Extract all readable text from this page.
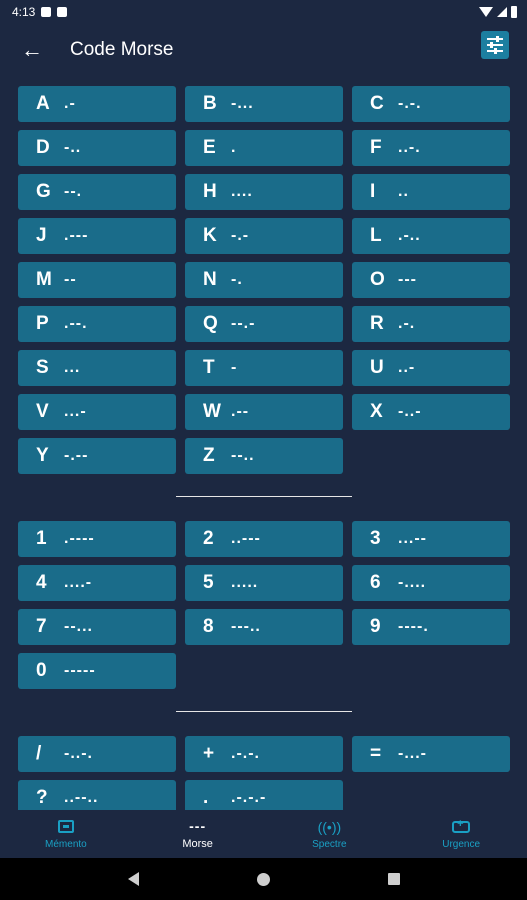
4:13
←	Code Morse
A .-	B -...	C -.-.
D -..	E .	F	..-.
G --.	H ....	I	..
J	.---	K -.-	L	.-..
M --	N -.	O ---
P .--.	Q --.-	R .-.
S ...	T	-	U ..-
V ...-	W .--	X -..-
Y -.--	Z	--..
1	.----	2	..---	3	...--
4	....-	5	.....	6	-....
7	--...	8	---..	9	----.
0	-----
/	-..-.	+	.-.-.	=	-...-
?	..--..	.	.-.-.-
Mémento
---
Morse
((•))
Spectre
+	Urgence
